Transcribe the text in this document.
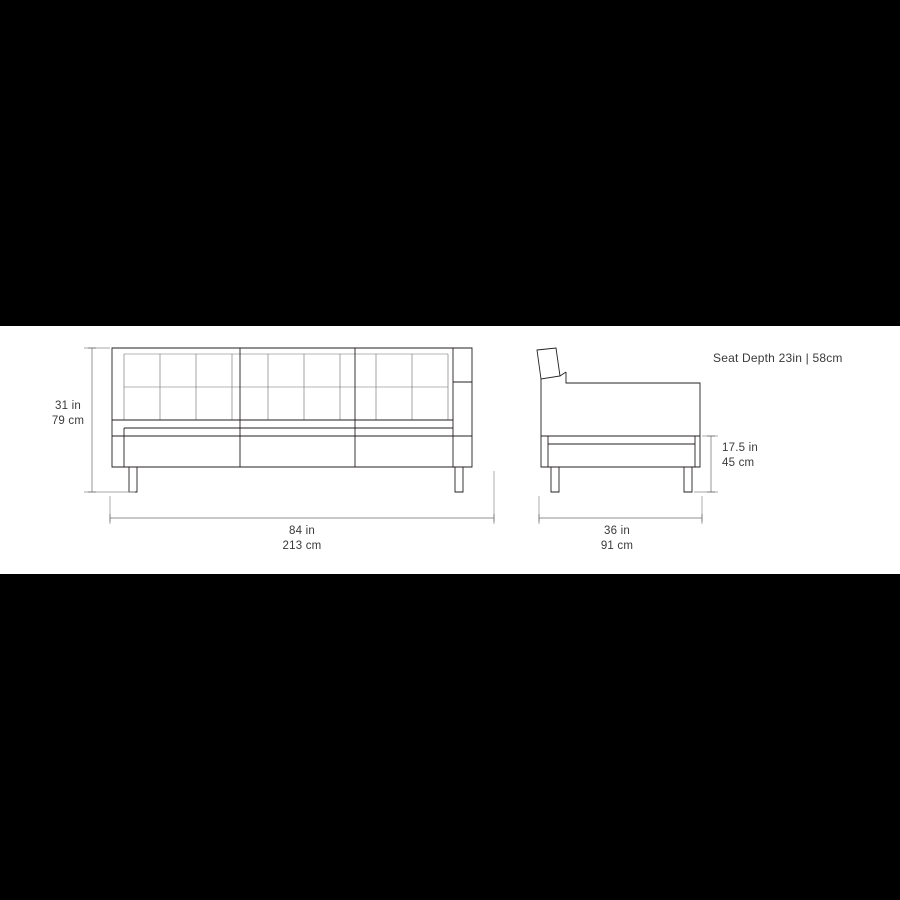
31 in
79 cm
84 in
213 cm
17.5 in
45 cm
36 in
91 cm
Seat Depth 23in | 58cm
